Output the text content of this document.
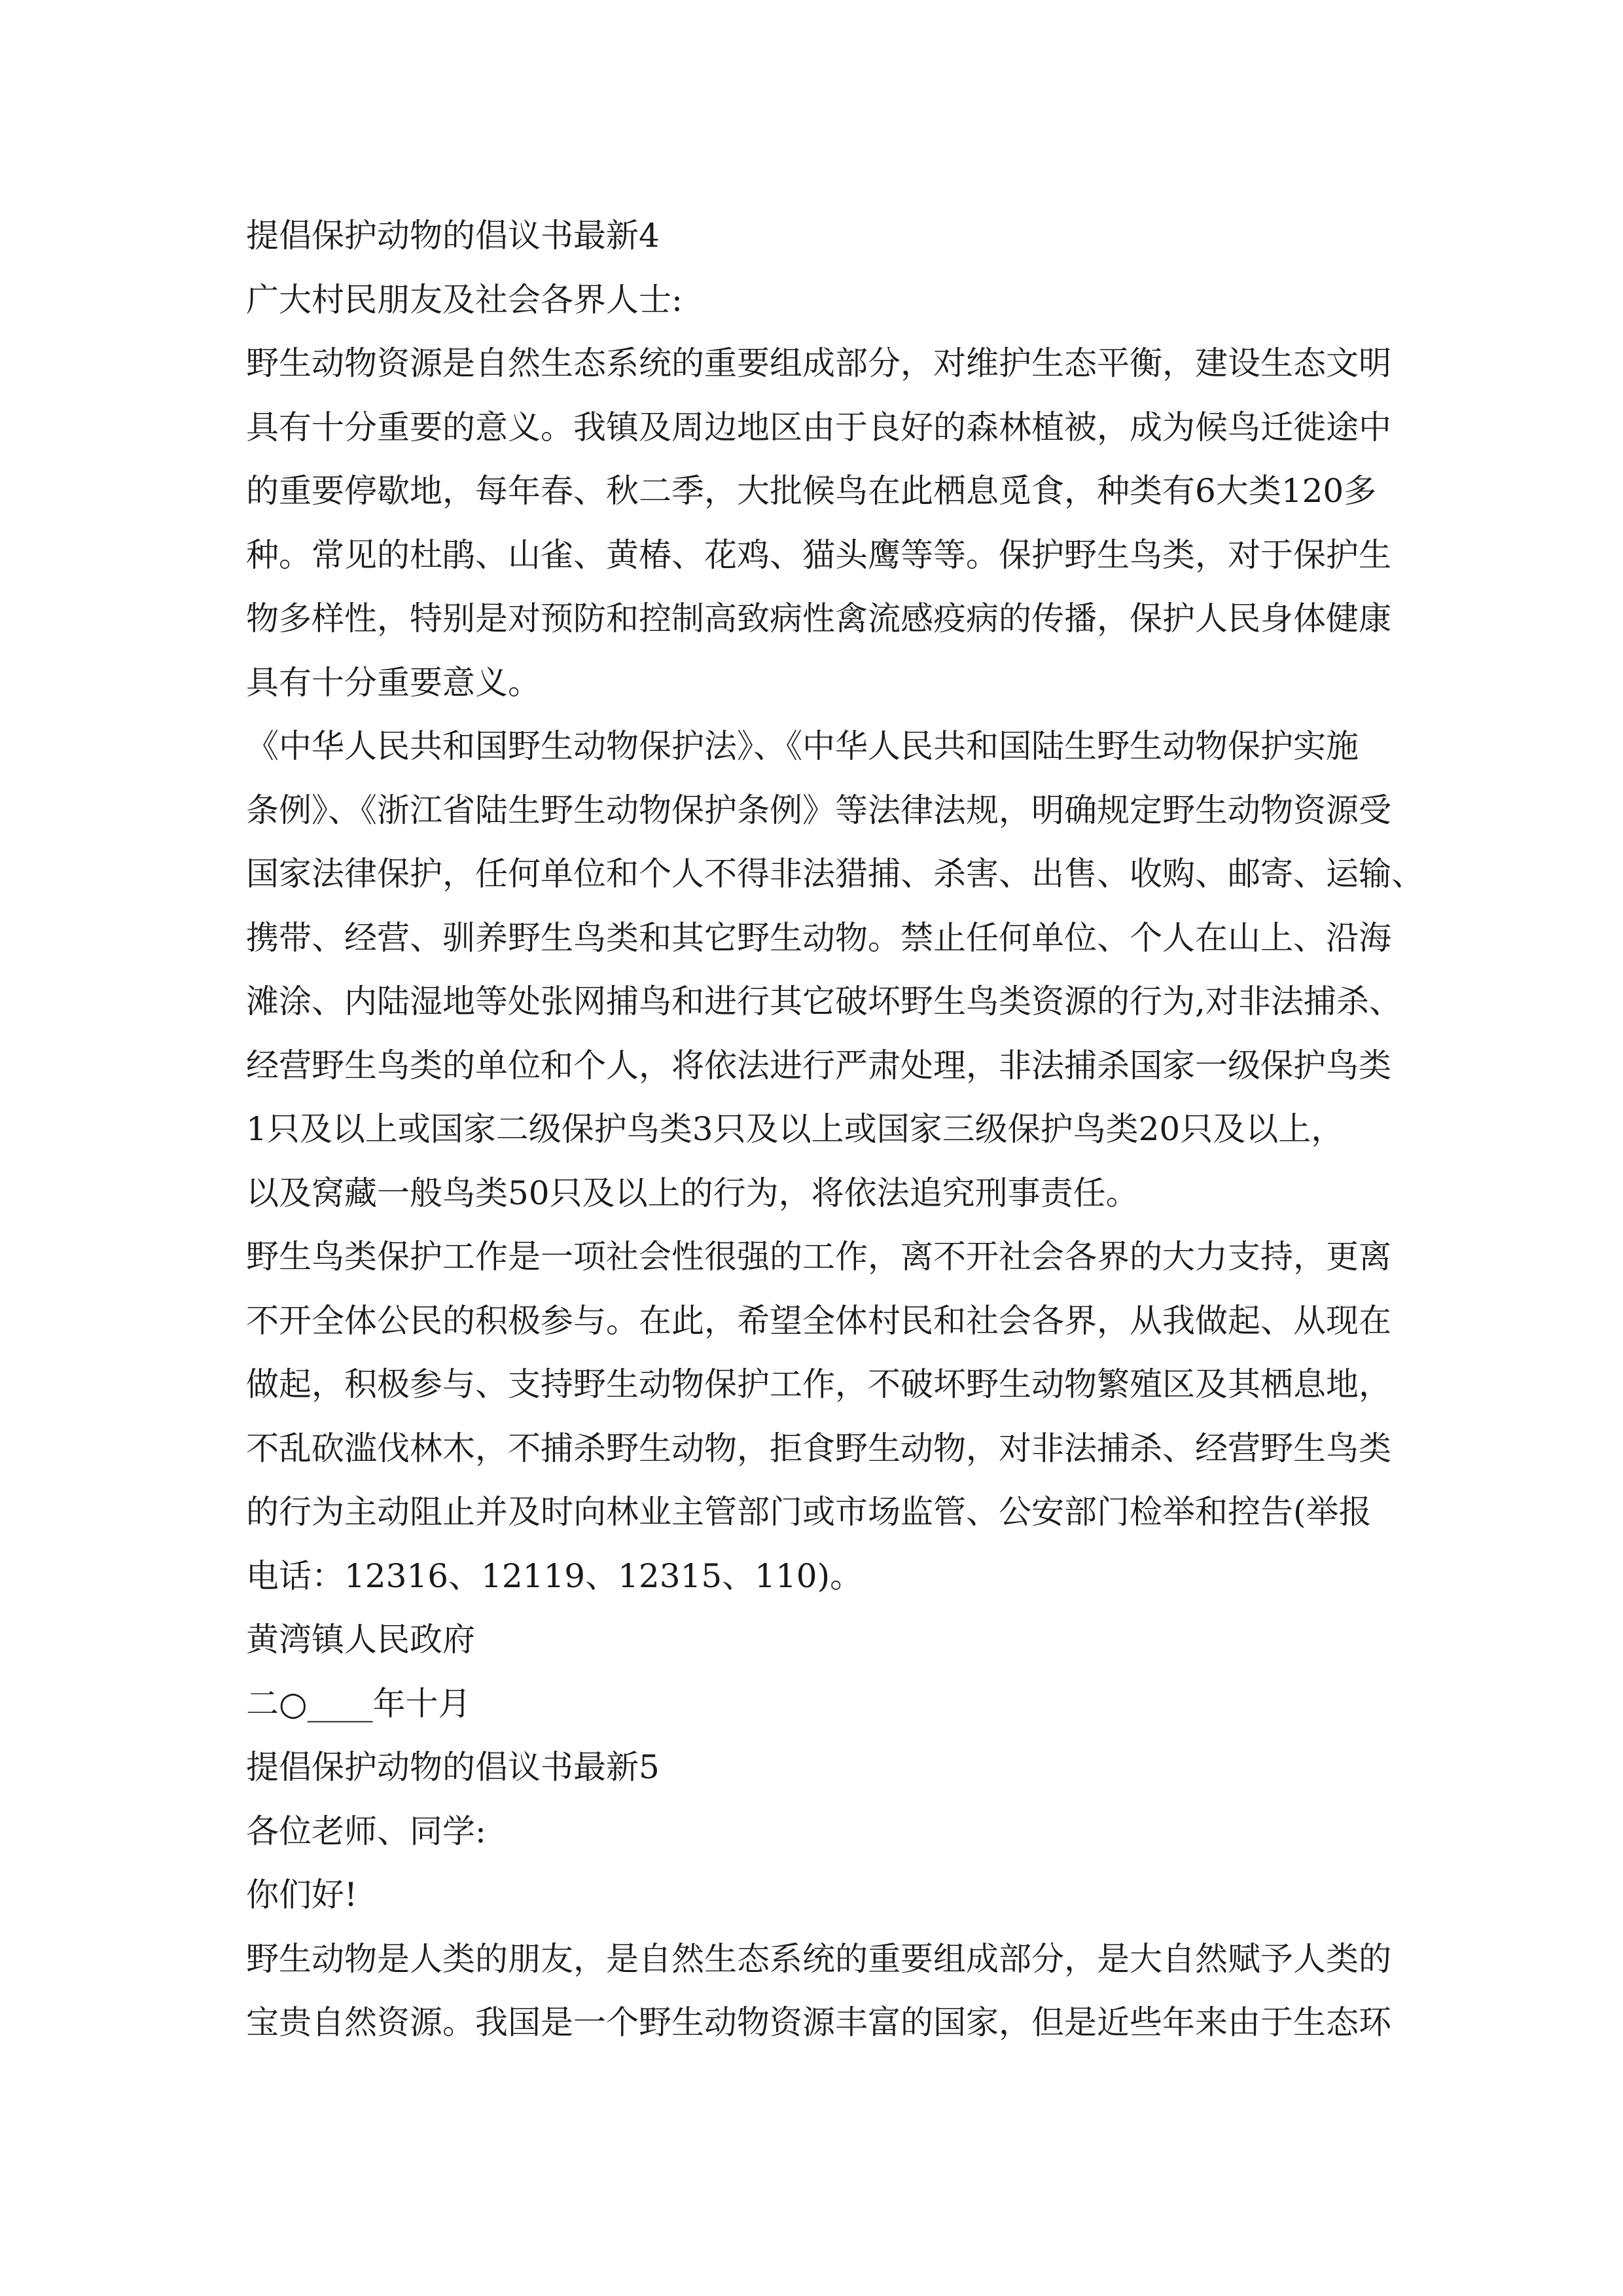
提倡保护动物的倡议书最新4
广大村民朋友及社会各界人士:
野生动物资源是自然生态系统的重要组成部分，对维护生态平衡，建设生态文明
具有十分重要的意义。我镇及周边地区由于良好的森林植被，成为候鸟迁徙途中
的重要停歇地，每年春、秋二季，大批候鸟在此栖息觅食，种类有6大类120多
种。常见的杜鹃、山雀、黄椿、花鸡、猫头鹰等等。保护野生鸟类，对于保护生
物多样性，特别是对预防和控制高致病性禽流感疫病的传播，保护人民身体健康
具有十分重要意义。
《中华人民共和国野生动物保护法》、《中华人民共和国陆生野生动物保护实施
条例》、《浙江省陆生野生动物保护条例》等法律法规，明确规定野生动物资源受
国家法律保护，任何单位和个人不得非法猎捕、杀害、出售、收购、邮寄、运输、
携带、经营、驯养野生鸟类和其它野生动物。禁止任何单位、个人在山上、沿海
滩涂、内陆湿地等处张网捕鸟和进行其它破坏野生鸟类资源的行为,对非法捕杀、
经营野生鸟类的单位和个人，将依法进行严肃处理，非法捕杀国家一级保护鸟类
1只及以上或国家二级保护鸟类3只及以上或国家三级保护鸟类20只及以上，
以及窝藏一般鸟类50只及以上的行为，将依法追究刑事责任。
野生鸟类保护工作是一项社会性很强的工作，离不开社会各界的大力支持，更离
不开全体公民的积极参与。在此，希望全体村民和社会各界，从我做起、从现在
做起，积极参与、支持野生动物保护工作，不破坏野生动物繁殖区及其栖息地，
不乱砍滥伐林木，不捕杀野生动物，拒食野生动物，对非法捕杀、经营野生鸟类
的行为主动阻止并及时向林业主管部门或市场监管、公安部门检举和控告(举报
电话：12316、12119、12315、110)。
黄湾镇人民政府
二○____年十月
提倡保护动物的倡议书最新5
各位老师、同学:
你们好!
野生动物是人类的朋友，是自然生态系统的重要组成部分，是大自然赋予人类的
宝贵自然资源。我国是一个野生动物资源丰富的国家，但是近些年来由于生态环
